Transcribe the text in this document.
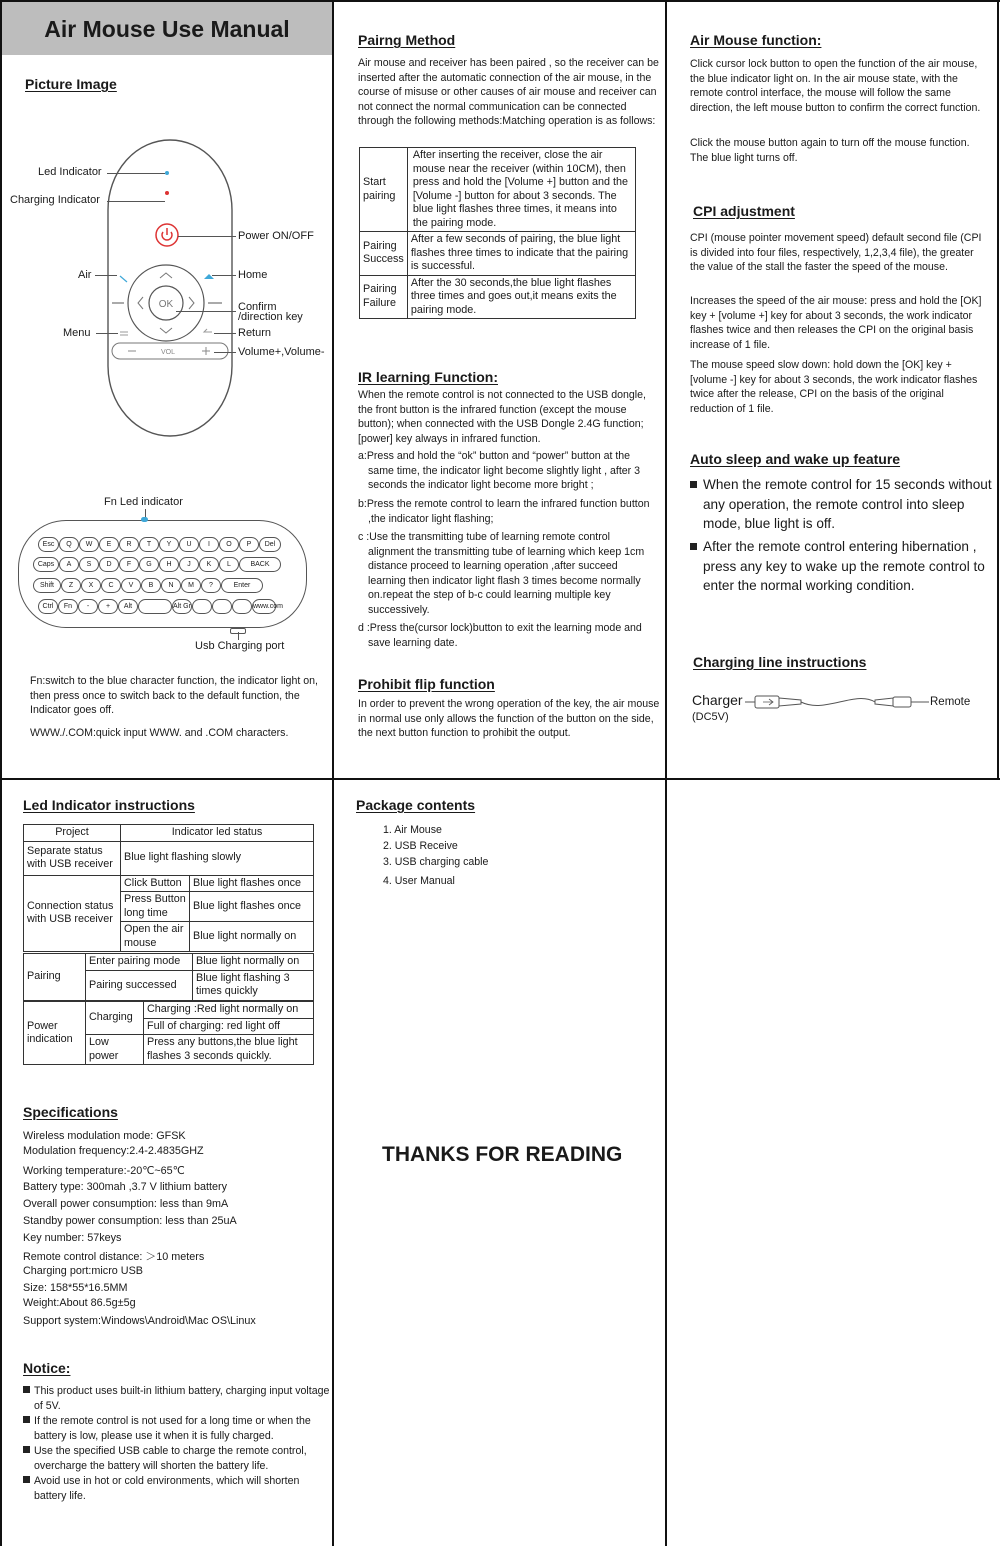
Air Mouse Use Manual
Picture Image
OK
VOL
Led Indicator
Charging Indicator
Power ON/OFF
Air	Home
Confirm
/direction key
Menu	Return
Volume+,Volume-
Fn Led indicator
Esc	Q	W	E	R	T	Y	U	I	O	P	Del
Caps	A	S	D	F	G	H	J	K	L	BACK
Shift	Z	X	C	V	B	N	M	?	Enter
Ctrl	Fn	-	+	Alt	Alt Gr	www.com
Usb Charging port
Fn:switch to the blue character function, the indicator light on, then press once to switch back to the default function, the Indicator goes off.
WWW./.COM:quick input WWW. and .COM characters.
Pairng Method
Air mouse and receiver has been paired , so the receiver can be inserted after the automatic connection of the air mouse, in the course of misuse or other causes of air mouse and receiver can not connect the normal communication can be connected through the following methods:Matching operation is as follows:
Start pairing	After inserting the receiver, close the air mouse near the receiver (within 10CM), then press and hold the [Volume +] button and the [Volume -] button for about 3 seconds. The blue light flashes three times, it means into the pairing mode.
Pairing Success	After a few seconds of pairing, the blue light flashes three times to indicate that the pairing is successful.
Pairing Failure	After the 30 seconds,the blue light flashes three times and goes out,it means exits the pairing mode.
IR learning Function:
When the remote control is not connected to the USB dongle, the front button is the infrared function (except the mouse button); when connected with the USB Dongle 2.4G function; [power] key always in infrared function.
a:Press and hold the “ok” button and “power” button at the same time, the indicator light become slightly light , after 3 seconds the indicator light become more bright ;
b:Press the remote control to learn the infrared function button ,the indicator light flashing;
c :Use the transmitting tube of learning remote control alignment the transmitting tube of learning which keep 1cm distance proceed to learning operation ,after succeed learning then indicator light flash 3 times become normally on.repeat the step of b-c could learning multiple key successively.
d :Press the(cursor lock)button to exit the learning mode and save learning date.
Prohibit flip function
In order to prevent the wrong operation of the key, the air mouse in normal use only allows the function of the button on the side, the next button function to prohibit the output.
Air Mouse function:
Click cursor lock button to open the function of the air mouse, the blue indicator light on. In the air mouse state, with the remote control interface, the mouse will follow the same direction, the left mouse button to confirm the correct function.
Click the mouse button again to turn off the mouse function. The blue light turns off.
CPI adjustment
CPI (mouse pointer movement speed) default second file (CPI is divided into four files, respectively, 1,2,3,4 file), the greater the value of the stall the faster the speed of the mouse.
Increases the speed of the air mouse: press and hold the [OK] key + [volume +] key for about 3 seconds, the work indicator flashes twice and then releases the CPI on the original basis increase of 1 file.
The mouse speed slow down: hold down the [OK] key + [volume -] key for about 3 seconds, the work indicator flashes twice after the release, CPI on the basis of the original reduction of 1 file.
Auto sleep and wake up feature
When the remote control for 15 seconds without any operation, the remote control into sleep mode, blue light is off.
After the remote control entering hibernation , press any key to wake up the remote control to enter the normal working condition.
Charging line instructions
Charger
(DC5V)
Remote
Led Indicator instructions
Project	Indicator led status	
Separate status with USB receiver	Blue light flashing slowly	
Connection status with USB receiver	Click Button	Blue light flashes once
	Press Button long time	Blue light flashes once
	Open the air mouse	Blue light normally on
Pairing	Enter pairing mode	Blue light normally on
	Pairing successed	Blue light flashing 3 times quickly
Power indication	Charging	Charging :Red light normally on
		Full of charging: red light off
	Low power	Press any buttons,the blue light flashes 3 seconds quickly.
Specifications
Wireless modulation mode: GFSK
Modulation frequency:2.4-2.4835GHZ
Working temperature:-20℃~65℃
Battery type: 300mah ,3.7 V lithium battery
Overall power consumption: less than 9mA
Standby power consumption: less than 25uA
Key number: 57keys
Remote control distance: ＞10 meters
Charging port:micro USB
Size: 158*55*16.5MM
Weight:About 86.5g±5g
Support system:Windows\Android\Mac OS\Linux
Notice:
This product uses built-in lithium battery, charging input voltage of 5V.
If the remote control is not used for a long time or when the battery is low, please use it when it is fully charged.
Use the specified USB cable to charge the remote control, overcharge the battery will shorten the battery life.
Avoid use in hot or cold environments, which will shorten battery life.
Package contents
1. Air Mouse
2. USB Receive
3. USB charging cable
4. User Manual
THANKS FOR READING
